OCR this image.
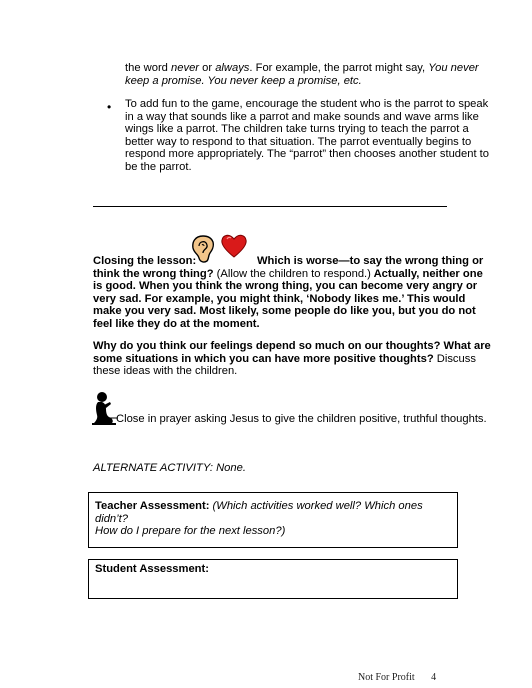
the word never or always. For example, the parrot might say, You never

keep a promise. You never keep a promise, etc.

• To add fun to the game, encourage the student who is the parrot to speak

in a way that sounds like a parrot and make sounds and wave arms like

wings like a parrot. The children take turns trying to teach the parrot a

better way to respond to that situation. The parrot eventually begins to

respond more appropriately. The “parrot” then chooses another student to

be the parrot.

Closing the lesson:	Which is worse—to say the wrong thing or

think the wrong thing? (Allow the children to respond.) Actually, neither one

is good. When you think the wrong thing, you can become very angry or

very sad. For example, you might think, ‘Nobody likes me.’ This would

make you very sad. Most likely, some people do like you, but you do not

feel like they do at the moment.

Why do you think our feelings depend so much on our thoughts? What are

some situations in which you can have more positive thoughts? Discuss

these ideas with the children.

Close in prayer asking Jesus to give the children positive, truthful thoughts.

ALTERNATE ACTIVITY: None.

Teacher Assessment: (Which activities worked well? Which ones didn’t?

How do I prepare for the next lesson?)

Student Assessment:

Not For Profit 4
